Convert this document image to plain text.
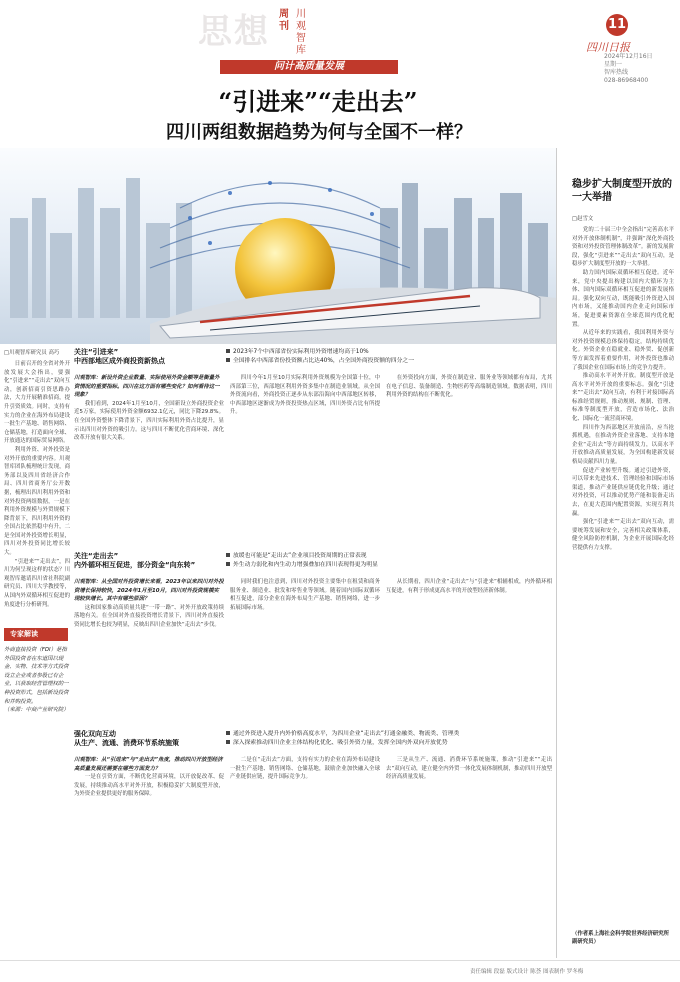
思想 周刊
川观智库
11
四川日报
2024年12月16日
星期一
智库热线
028-86968400
问计高质量发展
“引进来”“走出去”
四川两组数据趋势为何与全国不一样？
□川观智库研究员 高巧

日前召开的全省对外开放发展大会指出，要强化“引进来”“走出去”双向互动，创新招商引资思路办法，大力开展精准招商，提升引资质效。同时，支持有实力的企业在海外布局建设一批生产基地、销售网络、仓储基地，打造面向全球、开放通达的国际贸易网络。

利用外资、对外投资是对外开放的重要内容。川观智库团队梳理统计发现，商务部以及四川省经济合作局、四川省商务厅公开数据，梳理出四川利用外资和对外投资两组数据，一是在利用外资规模与外贸规模下降背景下，四川利用外资的全国占比依然稳中有升，二是全国对外投资增长明显，四川对外投资同比增长较大。

“引进来”“走出去”，四川为何呈现这样的状态？川观智库邀请四川省社科院副研究员、四川大学教授等，从国内外双循环相互促进的角度进行分析研判。

专家解读

外商直接投资（FDI）是指外国投资者在东道国以现金、实物、技术等方式投资设立企业或者参股已有企业，以获取经营管理权的一种投资形式，包括新设投资和并购投资。

（来源：中商产业研究院）

关注“引进来”
中西部地区成外商投资新热点
2023年7个中西部省份实际利用外资增速均高于10%
全国排名中西部省份投资额占比达40%，占全国外商投资额的四分之一

川观智库：新设外资企业数量、实际使用外资金额等是衡量外资情况的重要指标。四川在这方面有哪些变化？如何看待这一现象？

我们看到，2024年1月至10月，全国新设立外商投资企业近5万家，实际使用外资金额6932.1亿元，同比下降29.8%。在全国外资整体下降背景下，四川实际利用外资占比提升，显示出四川对外资的吸引力。这与四川不断优化营商环境、深化改革开放有很大关系。

四川今年1月至10月实际利用外资规模为全国第十位，中西部第三位，西部地区利用外资多集中在制造业领域。从全国外资流向看，外商投资正逐步从东部沿海向中西部地区转移，中西部地区逐渐成为外资投资热点区域，四川外资占比有所提升。

在外资投向方面，外资在制造业、服务业等领域都有布局，尤其在电子信息、装备制造、生物医药等高端制造领域。数据表明，四川利用外资的结构在不断优化。

关注“走出去”
内外循环相互促进，部分资金“向东转”
放缓也可能是“走出去”企业项目投资周期的正常表现
外生动力弱化和内生动力增强叠加在四川表现得更为明显

川观智库：从全国对外投资增长来看，2023年以来四川对外投资增长保持较快，2024年1月至10月，四川对外投资规模实现较快增长。其中有哪些原因？

这和国家推动高质量共建“一带一路”、对外开放政策持续落地有关。在全国对外直接投资增长背景下，四川对外直接投资同比增长也较为明显，反映出四川企业加快“走出去”步伐。

同时我们也注意到，四川对外投资主要集中在租赁和商务服务业、制造业、批发和零售业等领域。随着国内国际双循环相互促进，部分企业在海外布局生产基地、销售网络，进一步拓展国际市场。

从长期看，四川企业“走出去”与“引进来”相辅相成，内外循环相互促进，有利于形成更高水平的开放型经济新体制。

强化双向互动
从生产、流通、消费环节系统施策
通过外资进入提升内外价格高度水平，为四川企业“走出去”打通金融类、物流类、管理类
深入探索推动四川企业主体结构化优化、吸引外资力量，发挥全国内外双向开放优势

川观智库：从“引进来”与“走出去”角度，推动四川开放型经济高质量发展还需要在哪些方面发力？

一是在引资方面，不断优化营商环境，以开放促改革、促发展，持续推动高水平对外开放，积极稳妥扩大制度型开放，为外资企业提供更好的服务保障。

二是在“走出去”方面，支持有实力的企业在海外布局建设一批生产基地、销售网络、仓储基地，鼓励企业加快融入全球产业链供应链，提升国际竞争力。

三是从生产、流通、消费环节系统施策，推动“引进来”“走出去”双向互动，建立健全内外贸一体化发展体制机制，推动四川开放型经济高质量发展。

稳步扩大制度型开放的一大举措
□赵雪文

党的二十届三中全会指出“完善高水平对外开放体制机制”，并强调“深化外商投资和对外投资管理体制改革”。新的发展阶段，强化“引进来”“走出去”双向互动，是稳步扩大制度型开放的一大举措。

助力国内国际双循环相互促进。近年来，党中央提出构建以国内大循环为主体、国内国际双循环相互促进的新发展格局。强化双向互动，既能吸引外资进入国内市场，又能推动国内企业走向国际市场，促进要素资源在全球范围内优化配置。

从近年来的实践看，我国利用外资与对外投资规模总体保持稳定，结构持续优化。外资企业在稳就业、稳外贸、促创新等方面发挥着重要作用，对外投资也推动了我国企业在国际市场上的竞争力提升。

推动高水平对外开放。制度型开放是高水平对外开放的重要标志。强化“引进来”“走出去”双向互动，有利于对接国际高标准经贸规则，推动规则、规制、管理、标准等制度型开放，营造市场化、法治化、国际化一流营商环境。

四川作为西部地区开放前沿，应当抢抓机遇，在推动外资企业落地、支持本地企业“走出去”等方面持续发力，以高水平开放推动高质量发展，为全国构建新发展格局贡献四川力量。

促进产业转型升级。通过引进外资，可以带来先进技术、管理经验和国际市场渠道，推动产业链供应链优化升级；通过对外投资，可以推动优势产能和装备走出去，在更大范围内配置资源，实现互利共赢。

强化“引进来”“走出去”双向互动，需要统筹发展和安全，完善相关政策体系，健全风险防控机制，为企业开展国际化经营提供有力支撑。

（作者系上海社会科学院世界经济研究所副研究员）
责任编辑 段磊 版式设计 陈荟 图表制作 罗冬梅
